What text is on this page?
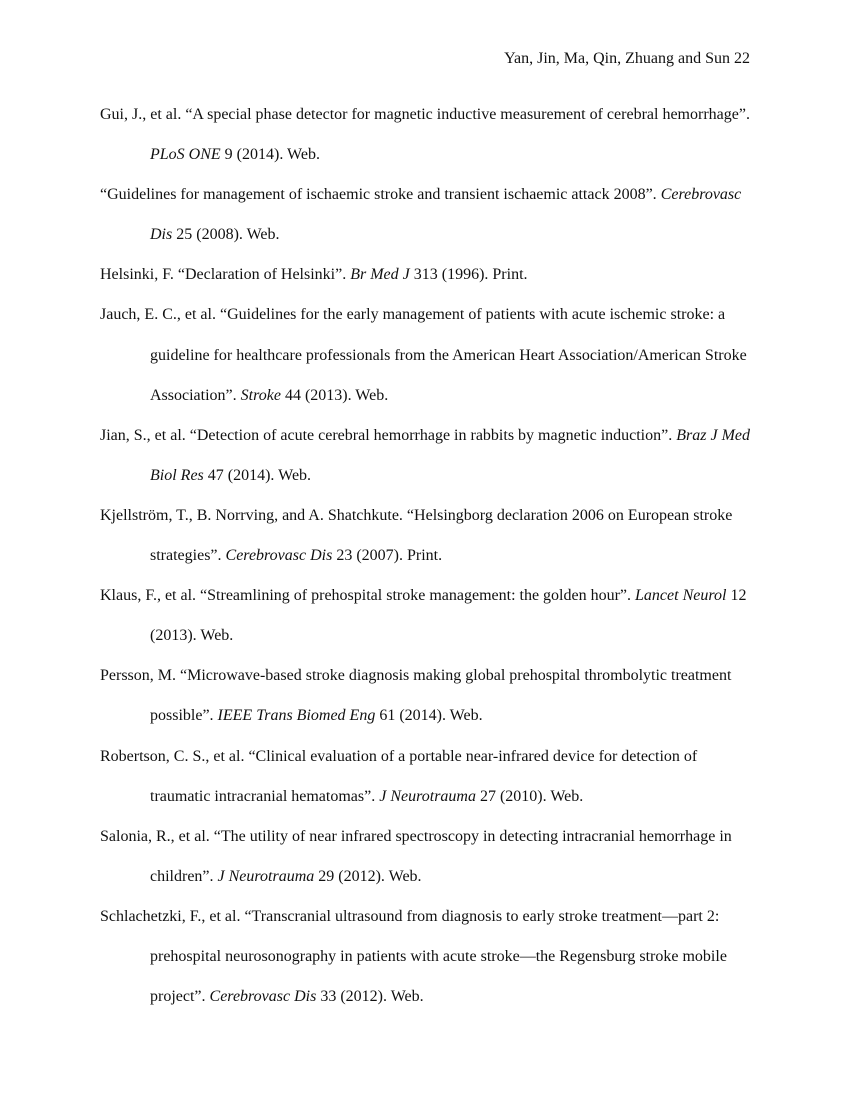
Yan, Jin, Ma, Qin, Zhuang and Sun 22
Gui, J., et al. “A special phase detector for magnetic inductive measurement of cerebral hemorrhage”. PLoS ONE 9 (2014). Web.
“Guidelines for management of ischaemic stroke and transient ischaemic attack 2008”. Cerebrovasc Dis 25 (2008). Web.
Helsinki, F. “Declaration of Helsinki”. Br Med J 313 (1996). Print.
Jauch, E. C., et al. “Guidelines for the early management of patients with acute ischemic stroke: a guideline for healthcare professionals from the American Heart Association/American Stroke Association”. Stroke 44 (2013). Web.
Jian, S., et al. “Detection of acute cerebral hemorrhage in rabbits by magnetic induction”. Braz J Med Biol Res 47 (2014). Web.
Kjellström, T., B. Norrving, and A. Shatchkute. “Helsingborg declaration 2006 on European stroke strategies”. Cerebrovasc Dis 23 (2007). Print.
Klaus, F., et al. “Streamlining of prehospital stroke management: the golden hour”. Lancet Neurol 12 (2013). Web.
Persson, M. “Microwave-based stroke diagnosis making global prehospital thrombolytic treatment possible”. IEEE Trans Biomed Eng 61 (2014). Web.
Robertson, C. S., et al. “Clinical evaluation of a portable near-infrared device for detection of traumatic intracranial hematomas”. J Neurotrauma 27 (2010). Web.
Salonia, R., et al. “The utility of near infrared spectroscopy in detecting intracranial hemorrhage in children”. J Neurotrauma 29 (2012). Web.
Schlachetzki, F., et al. “Transcranial ultrasound from diagnosis to early stroke treatment—part 2: prehospital neurosonography in patients with acute stroke—the Regensburg stroke mobile project”. Cerebrovasc Dis 33 (2012). Web.
